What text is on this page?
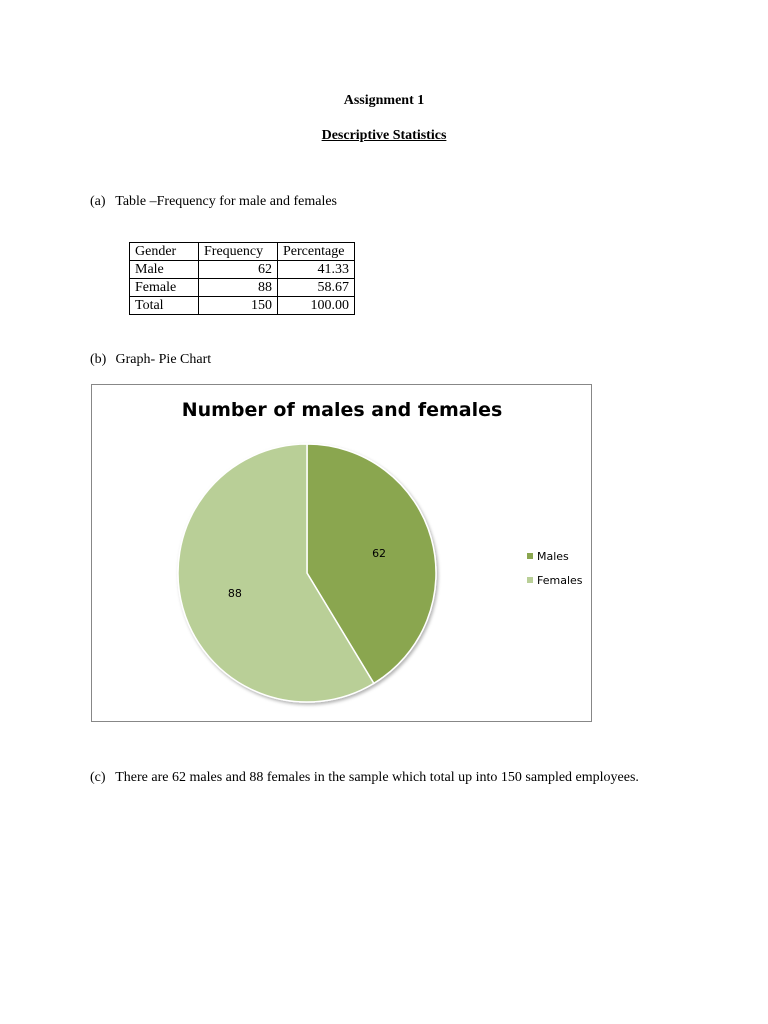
Assignment 1
Descriptive Statistics
(a) Table –Frequency for male and females
Gender	Frequency	Percentage
Male	62	41.33
Female	88	58.67
Total	150	100.00
(b) Graph- Pie Chart
Number of males and females
62
88
Males
Females
(c) There are 62 males and 88 females in the sample which total up into 150 sampled employees.
